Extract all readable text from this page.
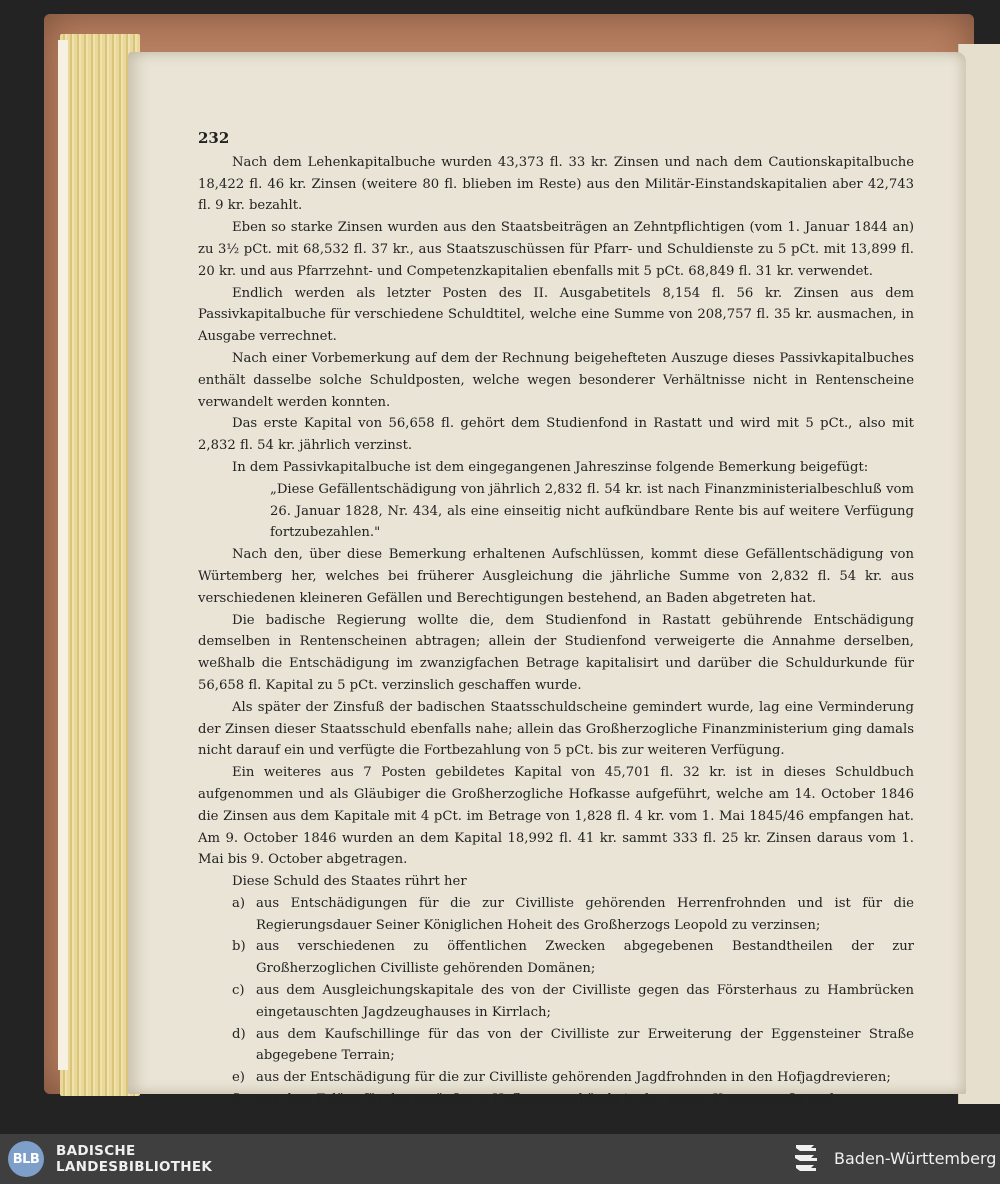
232

Nach dem Lehenkapitalbuche wurden 43,373 fl. 33 kr. Zinsen und nach dem Cautionskapitalbuche 18,422 fl. 46 kr. Zinsen (weitere 80 fl. blieben im Reste) aus den Militär-Einstandskapitalien aber 42,743 fl. 9 kr. bezahlt.

Eben so starke Zinsen wurden aus den Staatsbeiträgen an Zehntpflichtigen (vom 1. Januar 1844 an) zu 3½ pCt. mit 68,532 fl. 37 kr., aus Staatszuschüssen für Pfarr- und Schuldienste zu 5 pCt. mit 13,899 fl. 20 kr. und aus Pfarrzehnt- und Competenzkapitalien ebenfalls mit 5 pCt. 68,849 fl. 31 kr. verwendet.

Endlich werden als letzter Posten des II. Ausgabetitels 8,154 fl. 56 kr. Zinsen aus dem Passivkapitalbuche für verschiedene Schuldtitel, welche eine Summe von 208,757 fl. 35 kr. ausmachen, in Ausgabe verrechnet.

Nach einer Vorbemerkung auf dem der Rechnung beigehefteten Auszuge dieses Passivkapitalbuches enthält dasselbe solche Schuldposten, welche wegen besonderer Verhältnisse nicht in Rentenscheine verwandelt werden konnten.

Das erste Kapital von 56,658 fl. gehört dem Studienfond in Rastatt und wird mit 5 pCt., also mit 2,832 fl. 54 kr. jährlich verzinst.

In dem Passivkapitalbuche ist dem eingegangenen Jahreszinse folgende Bemerkung beigefügt:

„Diese Gefällentschädigung von jährlich 2,832 fl. 54 kr. ist nach Finanzministerialbeschluß vom 26. Januar 1828, Nr. 434, als eine einseitig nicht aufkündbare Rente bis auf weitere Verfügung fortzubezahlen."

Nach den, über diese Bemerkung erhaltenen Aufschlüssen, kommt diese Gefällentschädigung von Würtemberg her, welches bei früherer Ausgleichung die jährliche Summe von 2,832 fl. 54 kr. aus verschiedenen kleineren Gefällen und Berechtigungen bestehend, an Baden abgetreten hat.

Die badische Regierung wollte die, dem Studienfond in Rastatt gebührende Entschädigung demselben in Rentenscheinen abtragen; allein der Studienfond verweigerte die Annahme derselben, weßhalb die Entschädigung im zwanzigfachen Betrage kapitalisirt und darüber die Schuldurkunde für 56,658 fl. Kapital zu 5 pCt. verzinslich geschaffen wurde.

Als später der Zinsfuß der badischen Staatsschuldscheine gemindert wurde, lag eine Verminderung der Zinsen dieser Staatsschuld ebenfalls nahe; allein das Großherzogliche Finanzministerium ging damals nicht darauf ein und verfügte die Fortbezahlung von 5 pCt. bis zur weiteren Verfügung.

Ein weiteres aus 7 Posten gebildetes Kapital von 45,701 fl. 32 kr. ist in dieses Schuldbuch aufgenommen und als Gläubiger die Großherzogliche Hofkasse aufgeführt, welche am 14. October 1846 die Zinsen aus dem Kapitale mit 4 pCt. im Betrage von 1,828 fl. 4 kr. vom 1. Mai 1845/46 empfangen hat. Am 9. October 1846 wurden an dem Kapital 18,992 fl. 41 kr. sammt 333 fl. 25 kr. Zinsen daraus vom 1. Mai bis 9. October abgetragen.

Diese Schuld des Staates rührt her

a) aus Entschädigungen für die zur Civilliste gehörenden Herrenfrohnden und ist für die Regierungsdauer Seiner Königlichen Hoheit des Großherzogs Leopold zu verzinsen;
b) aus verschiedenen zu öffentlichen Zwecken abgegebenen Bestandtheilen der zur Großherzoglichen Civilliste gehörenden Domänen;
c) aus dem Ausgleichungskapitale des von der Civilliste gegen das Försterhaus zu Hambrücken eingetauschten Jagdzeughauses in Kirrlach;
d) aus dem Kaufschillinge für das von der Civilliste zur Erweiterung der Eggensteiner Straße abgegebene Terrain;
e) aus der Entschädigung für die zur Civilliste gehörenden Jagdfrohnden in den Hofjagdrevieren;
f)	aus dem Erlöse für das veräußerte Hofkassengebäude in der neuen Kronenstraße und
BLB	BADISCHE
LANDESBIBLIOTHEK	Baden-Württemberg
